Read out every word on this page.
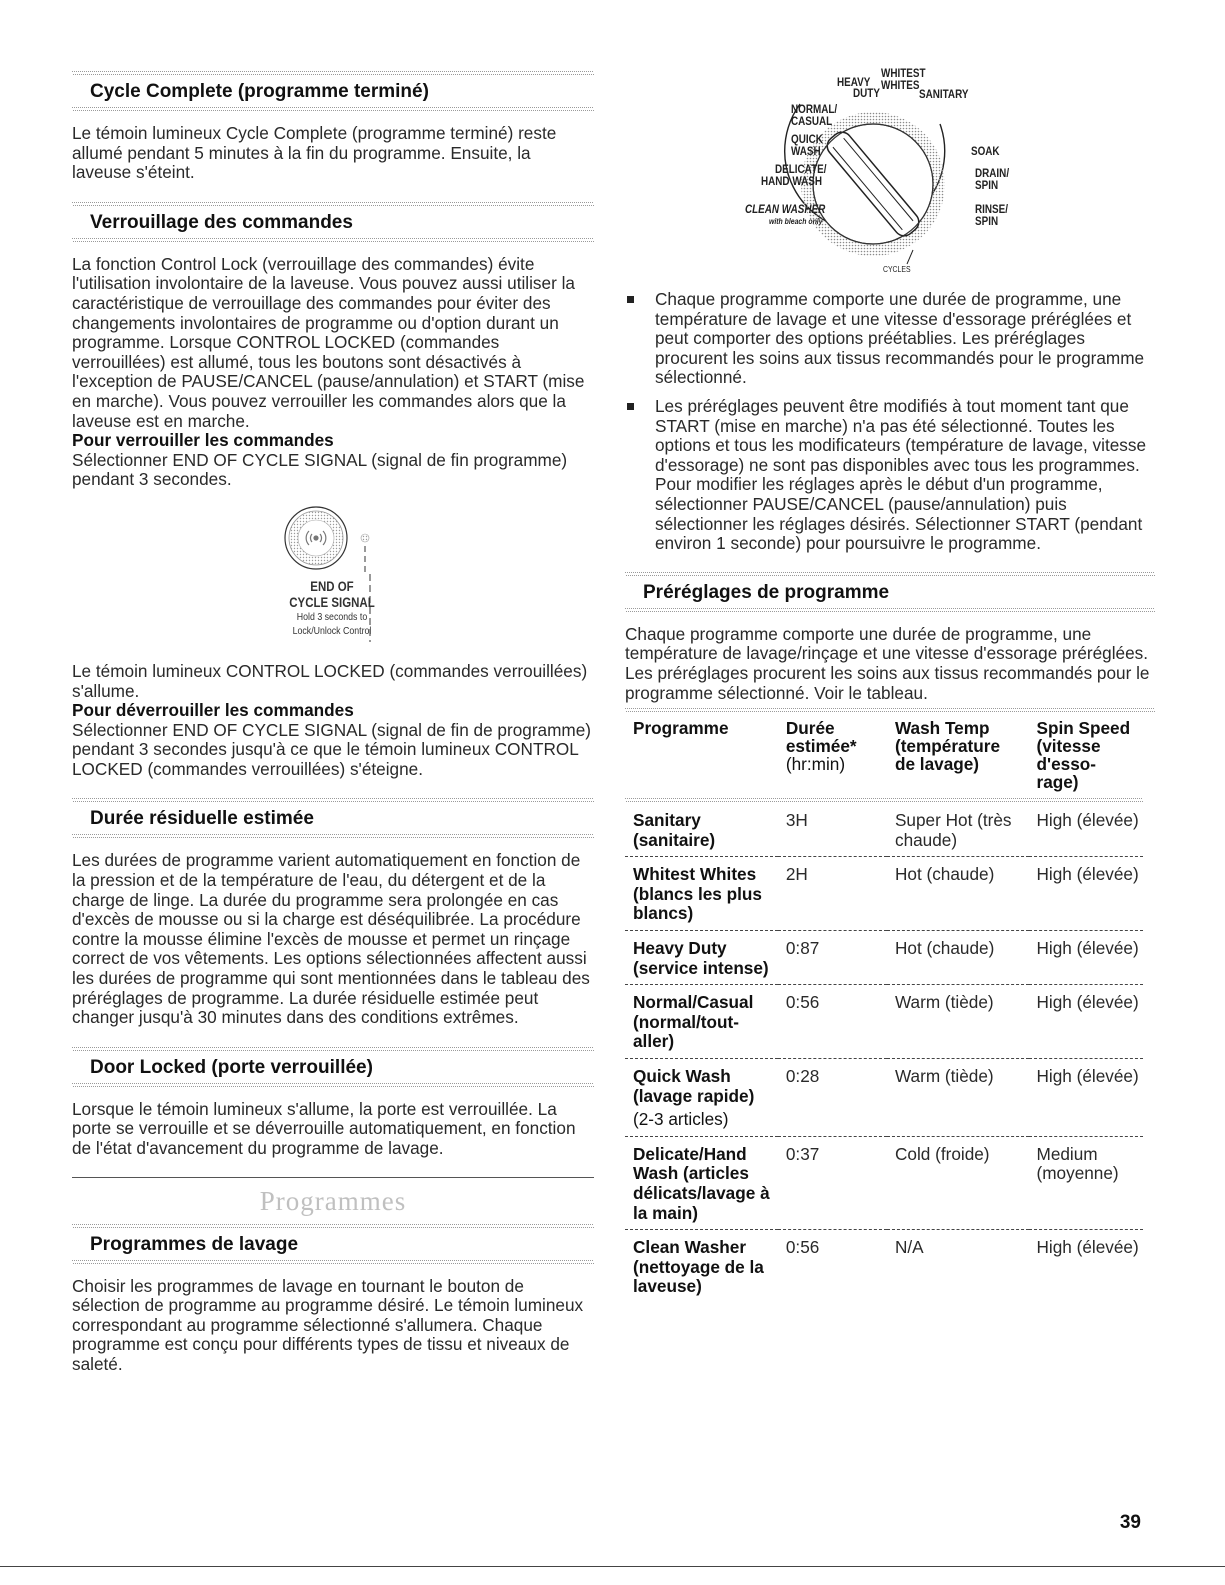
Cycle Complete (programme terminé)

Le témoin lumineux Cycle Complete (programme terminé) reste allumé pendant 5 minutes à la fin du programme. Ensuite, la laveuse s'éteint.

Verrouillage des commandes

La fonction Control Lock (verrouillage des commandes) évite l'utilisation involontaire de la laveuse. Vous pouvez aussi utiliser la caractéristique de verrouillage des commandes pour éviter des changements involontaires de programme ou d'option durant un programme. Lorsque CONTROL LOCKED (commandes verrouillées) est allumé, tous les boutons sont désactivés à l'exception de PAUSE/CANCEL (pause/annulation) et START (mise en marche). Vous pouvez verrouiller les commandes alors que la laveuse est en marche.

Pour verrouiller les commandes

Sélectionner END OF CYCLE SIGNAL (signal de fin programme) pendant 3 secondes.

END OF
CYCLE SIGNAL
Hold 3 seconds to
Lock/Unlock Control

Le témoin lumineux CONTROL LOCKED (commandes verrouillées) s'allume.

Pour déverrouiller les commandes

Sélectionner END OF CYCLE SIGNAL (signal de fin de programme) pendant 3 secondes jusqu'à ce que le témoin lumineux CONTROL LOCKED (commandes verrouillées) s'éteigne.

Durée résiduelle estimée

Les durées de programme varient automatiquement en fonction de la pression et de la température de l'eau, du détergent et de la charge de linge. La durée du programme sera prolongée en cas d'excès de mousse ou si la charge est déséquilibrée. La procédure contre la mousse élimine l'excès de mousse et permet un rinçage correct de vos vêtements. Les options sélectionnées affectent aussi les durées de programme qui sont mentionnées dans le tableau des préréglages de programme. La durée résiduelle estimée peut changer jusqu'à 30 minutes dans des conditions extrêmes.

Door Locked (porte verrouillée)

Lorsque le témoin lumineux s'allume, la porte est verrouillée. La porte se verrouille et se déverrouille automatiquement, en fonction de l'état d'avancement du programme de lavage.

Programmes
Programmes de lavage

Choisir les programmes de lavage en tournant le bouton de sélection de programme au programme désiré. Le témoin lumineux correspondant au programme sélectionné s'allumera. Chaque programme est conçu pour différents types de tissu et niveaux de saleté.

HEAVY
DUTY
WHITEST
WHITES
SANITARY
NORMAL/
CASUAL
QUICK
WASH
DELICATE/
HAND WASH
CLEAN WASHER
with bleach only
SOAK
DRAIN/
SPIN
RINSE/
SPIN
CYCLES

Chaque programme comporte une durée de programme, une température de lavage et une vitesse d'essorage préréglées et peut comporter des options préétablies. Les préréglages procurent les soins aux tissus recommandés pour le programme sélectionné.

Les préréglages peuvent être modifiés à tout moment tant que START (mise en marche) n'a pas été sélectionné. Toutes les options et tous les modificateurs (température de lavage, vitesse d'essorage) ne sont pas disponibles avec tous les programmes. Pour modifier les réglages après le début d'un programme, sélectionner PAUSE/CANCEL (pause/annulation) puis sélectionner les réglages désirés. Sélectionner START (pendant environ 1 seconde) pour poursuivre le programme.

Préréglages de programme

Chaque programme comporte une durée de programme, une température de lavage/rinçage et une vitesse d'essorage préréglées. Les préréglages procurent les soins aux tissus recommandés pour le programme sélectionné. Voir le tableau.

Programme	Durée
estimée*
(hr:min)	Wash Temp
(température
de lavage)	Spin Speed
(vitesse
d'esso-
rage)

Sanitary (sanitaire)	3H	Super Hot (très chaude)	High (élevée)

Whitest Whites (blancs les plus blancs)	2H	Hot (chaude)	High (élevée)

Heavy Duty (service intense)	0:87	Hot (chaude)	High (élevée)

Normal/Casual (normal/tout-aller)	0:56	Warm (tiède)	High (élevée)

Quick Wash (lavage rapide)
(2-3 articles)	0:28	Warm (tiède)	High (élevée)

Delicate/Hand Wash (articles délicats/lavage à la main)	0:37	Cold (froide)	Medium (moyenne)

Clean Washer (nettoyage de la laveuse)	0:56	N/A	High (élevée)
39
